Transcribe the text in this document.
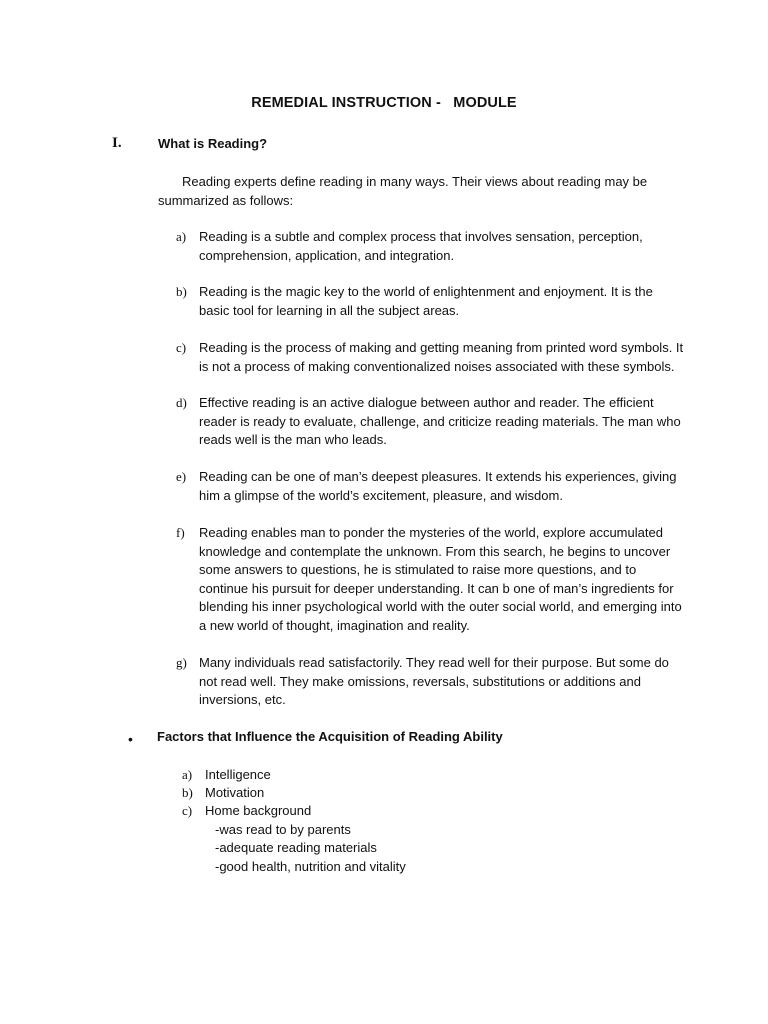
REMEDIAL INSTRUCTION -   MODULE
I.	What is Reading?

Reading experts define reading in many ways. Their views about reading may be summarized as follows:

a) Reading is a subtle and complex process that involves sensation, perception, comprehension, application, and integration.
b) Reading is the magic key to the world of enlightenment and enjoyment. It is the basic tool for learning in all the subject areas.
c) Reading is the process of making and getting meaning from printed word symbols. It is not a process of making conventionalized noises associated with these symbols.
d) Effective reading is an active dialogue between author and reader. The efficient reader is ready to evaluate, challenge, and criticize reading materials. The man who reads well is the man who leads.
e) Reading can be one of man’s deepest pleasures. It extends his experiences, giving him a glimpse of the world’s excitement, pleasure, and wisdom.
f)	Reading enables man to ponder the mysteries of the world, explore accumulated knowledge and contemplate the unknown. From this search, he begins to uncover some answers to questions, he is stimulated to raise more questions, and to continue his pursuit for deeper understanding. It can b one of man’s ingredients for blending his inner psychological world with the outer social world, and emerging into a new world of thought, imagination and reality.
g) Many individuals read satisfactorily. They read well for their purpose. But some do not read well. They make omissions, reversals, substitutions or additions and inversions, etc.
• Factors that Influence the Acquisition of Reading Ability
a) Intelligence
b) Motivation
c) Home background
-was read to by parents
-adequate reading materials
-good health, nutrition and vitality
